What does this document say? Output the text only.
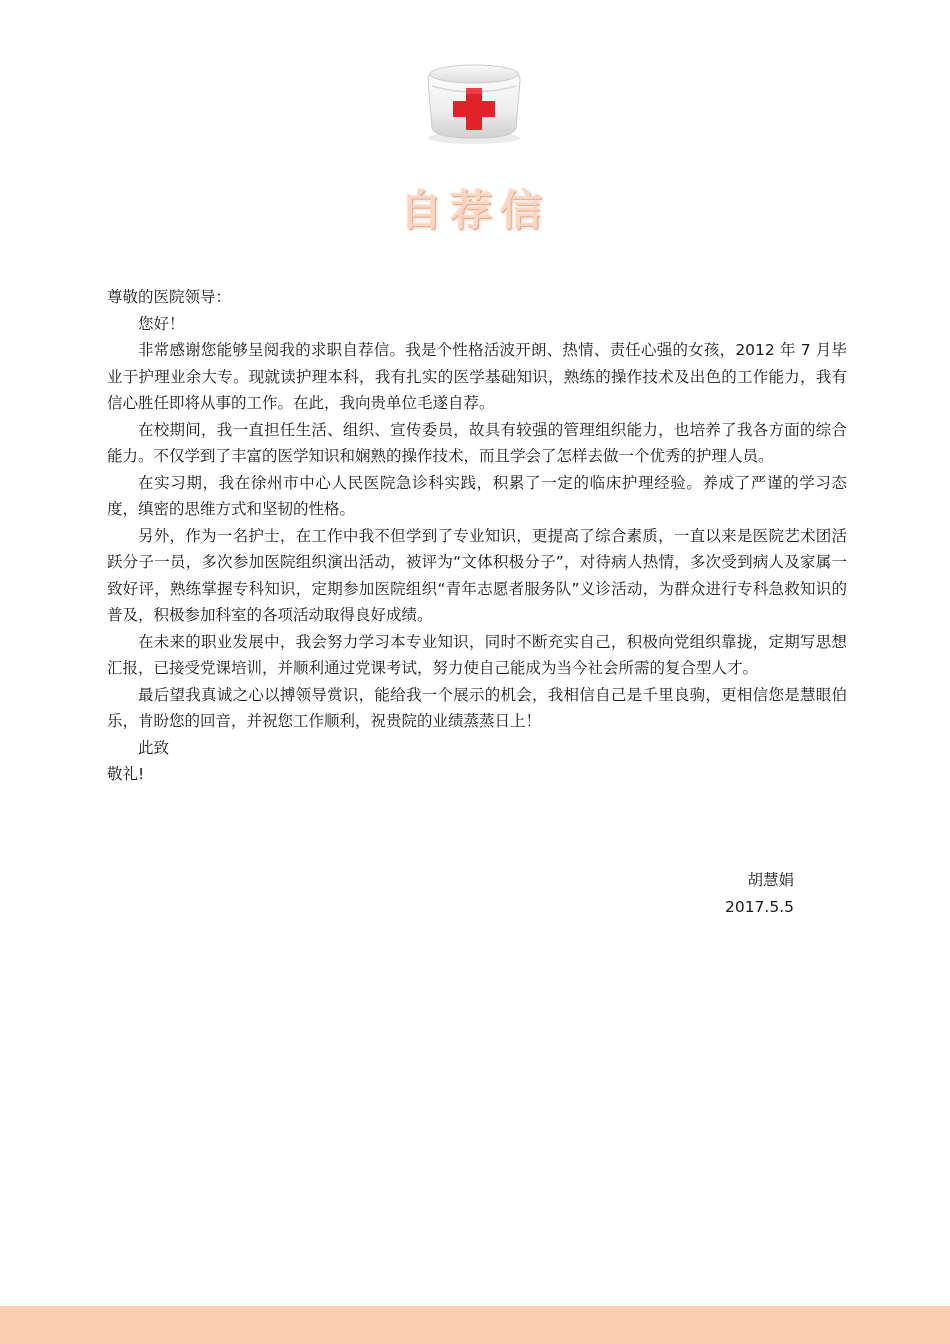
自荐信

尊敬的医院领导：

您好！

非常感谢您能够呈阅我的求职自荐信。我是个性格活波开朗、热情、责任心强的女孩，2012 年 7 月毕业于护理业余大专。现就读护理本科，我有扎实的医学基础知识，熟练的操作技术及出色的工作能力，我有信心胜任即将从事的工作。在此，我向贵单位毛遂自荐。

在校期间，我一直担任生活、组织、宣传委员，故具有较强的管理组织能力，也培养了我各方面的综合能力。不仅学到了丰富的医学知识和娴熟的操作技术，而且学会了怎样去做一个优秀的护理人员。

在实习期，我在徐州市中心人民医院急诊科实践，积累了一定的临床护理经验。养成了严谨的学习态度，缜密的思维方式和坚韧的性格。

另外，作为一名护士，在工作中我不但学到了专业知识，更提高了综合素质，一直以来是医院艺术团活跃分子一员，多次参加医院组织演出活动，被评为“文体积极分子”，对待病人热情，多次受到病人及家属一致好评，熟练掌握专科知识，定期参加医院组织“青年志愿者服务队”义诊活动，为群众进行专科急救知识的普及，积极参加科室的各项活动取得良好成绩。

在未来的职业发展中，我会努力学习本专业知识，同时不断充实自己，积极向党组织靠拢，定期写思想汇报，已接受党课培训，并顺利通过党课考试，努力使自己能成为当今社会所需的复合型人才。

最后望我真诚之心以搏领导赏识，能给我一个展示的机会，我相信自己是千里良驹，更相信您是慧眼伯乐，肯盼您的回音，并祝您工作顺利，祝贵院的业绩蒸蒸日上！

此致

敬礼!

胡慧娟
2017.5.5
